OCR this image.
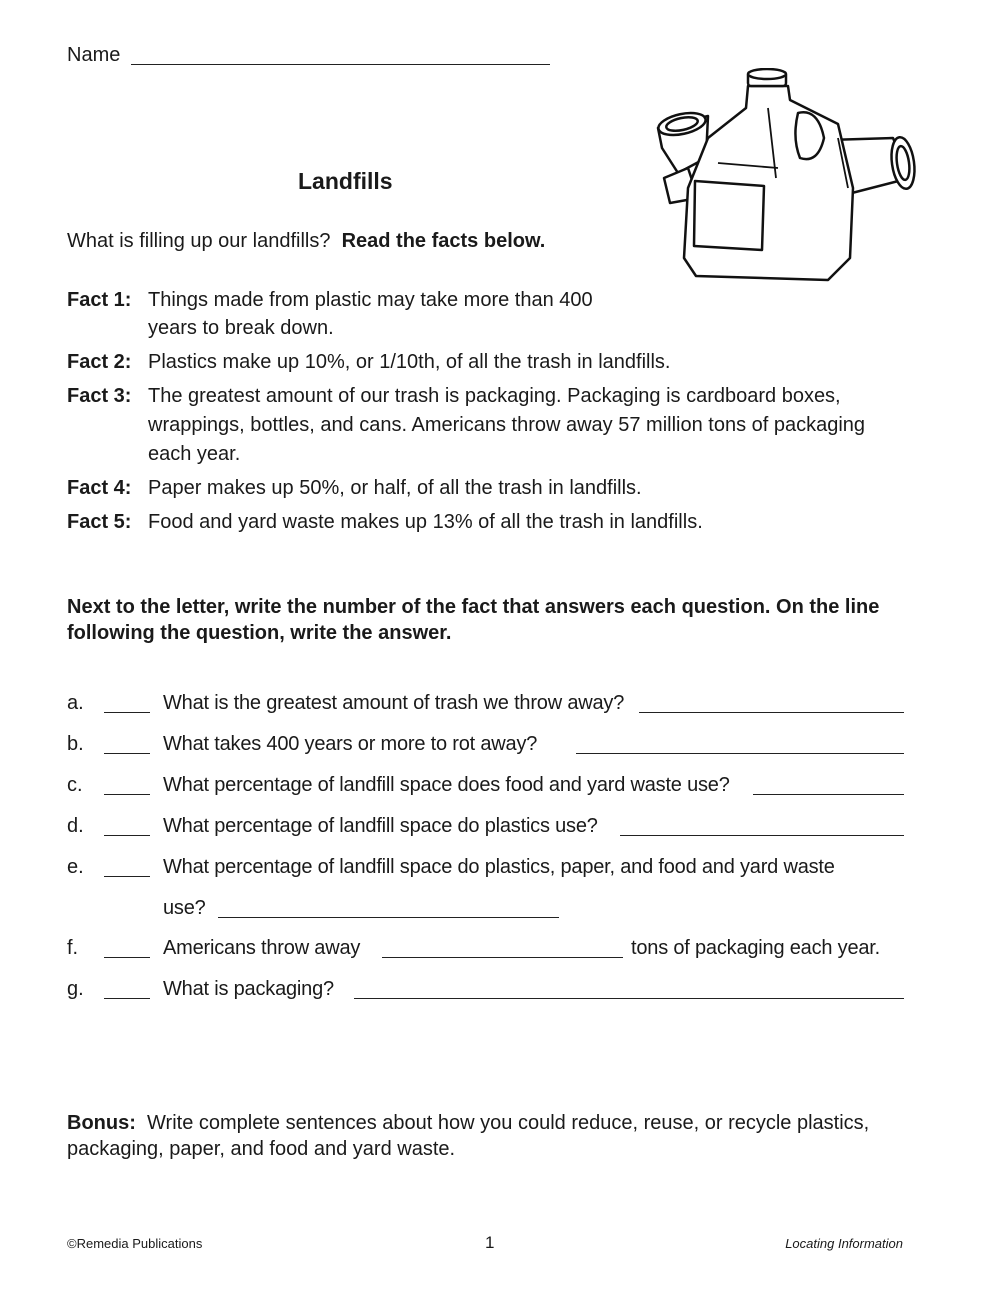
Name
Landfills
What is filling up our landfills? Read the facts below.
Fact 1: Things made from plastic may take more than 400
years to break down.
Fact 2: Plastics make up 10%, or 1/10th, of all the trash in landfills.
Fact 3: The greatest amount of our trash is packaging. Packaging is cardboard boxes,
wrappings, bottles, and cans. Americans throw away 57 million tons of packaging
each year.
Fact 4: Paper makes up 50%, or half, of all the trash in landfills.
Fact 5: Food and yard waste makes up 13% of all the trash in landfills.
Next to the letter, write the number of the fact that answers each question. On the line following the question, write the answer.
a.	What is the greatest amount of trash we throw away?
b.	What takes 400 years or more to rot away?
c.	What percentage of landfill space does food and yard waste use?
d.	What percentage of landfill space do plastics use?
e.	What percentage of landfill space do plastics, paper, and food and yard waste
use?
f.	Americans throw away	tons of packaging each year.
g.	What is packaging?
Bonus: Write complete sentences about how you could reduce, reuse, or recycle plastics, packaging, paper, and food and yard waste.
©Remedia Publications	1	Locating Information
